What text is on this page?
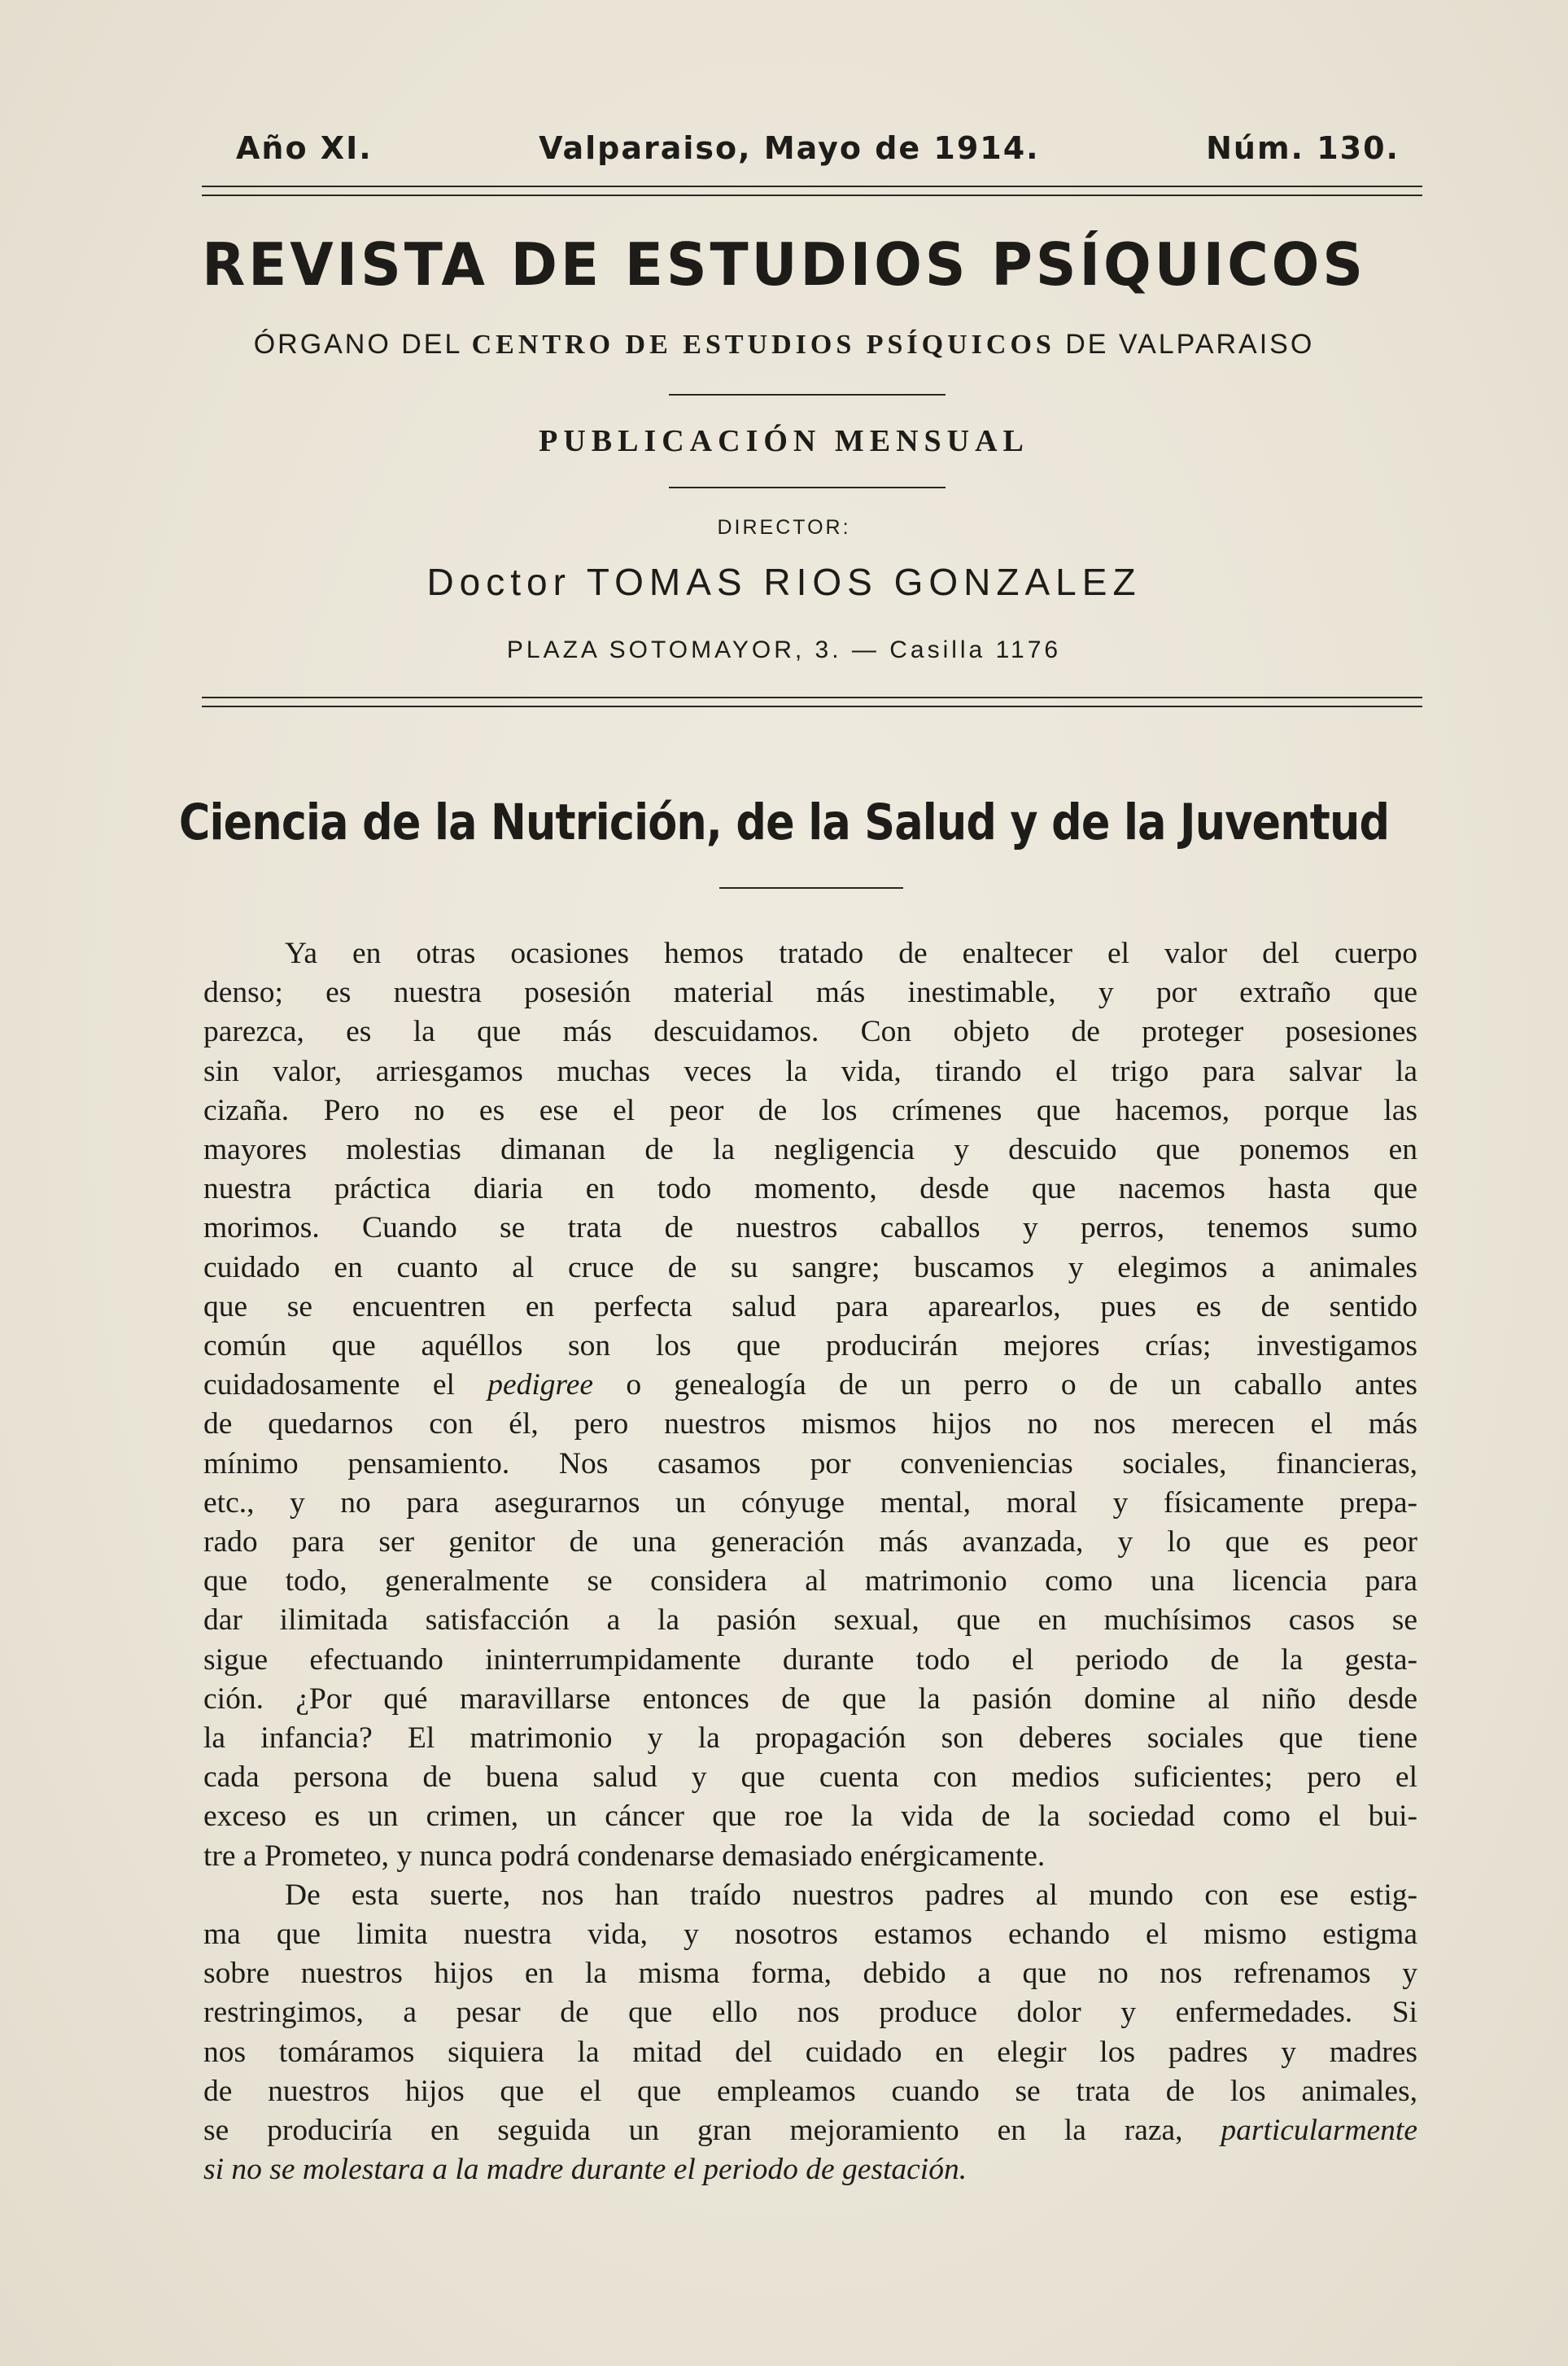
Año XI.	Valparaiso, Mayo de 1914.	Núm. 130.
REVISTA DE ESTUDIOS PSÍQUICOS
ÓRGANO DEL CENTRO DE ESTUDIOS PSÍQUICOS DE VALPARAISO
PUBLICACIÓN MENSUAL
DIRECTOR:
Doctor TOMAS RIOS GONZALEZ
PLAZA SOTOMAYOR, 3. — Casilla 1176
Ciencia de la Nutrición, de la Salud y de la Juventud

Ya en otras ocasiones hemos tratado de enaltecer el valor del cuerpo
denso; es nuestra posesión material más inestimable, y por extraño que
parezca, es la que más descuidamos. Con objeto de proteger posesiones
sin valor, arriesgamos muchas veces la vida, tirando el trigo para salvar la
cizaña. Pero no es ese el peor de los crímenes que hacemos, porque las
mayores molestias dimanan de la negligencia y descuido que ponemos en
nuestra práctica diaria en todo momento, desde que nacemos hasta que
morimos. Cuando se trata de nuestros caballos y perros, tenemos sumo
cuidado en cuanto al cruce de su sangre; buscamos y elegimos a animales
que se encuentren en perfecta salud para aparearlos, pues es de sentido
común que aquéllos son los que producirán mejores crías; investigamos
cuidadosamente el pedigree o genealogía de un perro o de un caballo antes
de quedarnos con él, pero nuestros mismos hijos no nos merecen el más
mínimo pensamiento. Nos casamos por conveniencias sociales, financieras,
etc., y no para asegurarnos un cónyuge mental, moral y físicamente prepa-
rado para ser genitor de una generación más avanzada, y lo que es peor
que todo, generalmente se considera al matrimonio como una licencia para
dar ilimitada satisfacción a la pasión sexual, que en muchísimos casos se
sigue efectuando ininterrumpidamente durante todo el periodo de la gesta-
ción. ¿Por qué maravillarse entonces de que la pasión domine al niño desde
la infancia? El matrimonio y la propagación son deberes sociales que tiene
cada persona de buena salud y que cuenta con medios suficientes; pero el
exceso es un crimen, un cáncer que roe la vida de la sociedad como el bui-
tre a Prometeo, y nunca podrá condenarse demasiado enérgicamente.

De esta suerte, nos han traído nuestros padres al mundo con ese estig-
ma que limita nuestra vida, y nosotros estamos echando el mismo estigma
sobre nuestros hijos en la misma forma, debido a que no nos refrenamos y
restringimos, a pesar de que ello nos produce dolor y enfermedades. Si
nos tomáramos siquiera la mitad del cuidado en elegir los padres y madres
de nuestros hijos que el que empleamos cuando se trata de los animales,
se produciría en seguida un gran mejoramiento en la raza, particularmente
si no se molestara a la madre durante el periodo de gestación.
